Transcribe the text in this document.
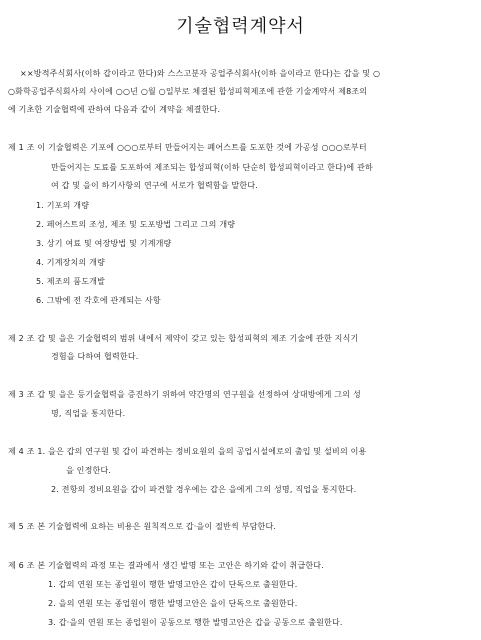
기술협력계약서
××방적주식회사(이하 갑이라고 한다)와 스스고분자 공업주식회사(이하 을이라고 한다)는 갑을 및 ○
○화학공업주식회사의 사이에 ○○년 ○월 ○일부로 체결된 합성피혁제조에 관한 기술계약서 제8조의
에 기초한 기술협력에 관하여 다음과 같이 계약을 체결한다.
제 1 조 이 기술협력은 기포에 ○○○로부터 만들어지는 폐어스트를 도포한 것에 가공성 ○○○로부터
만들어지는 도료를 도포하여 제조되는 합성피혁(이하 단순히 합성피혁이라고 한다)에 관하
여 갑 및 을이 하기사항의 연구에 서로가 협력함을 말한다.
1. 기포의 개량
2. 페어스트의 조성, 제조 및 도포방법 그리고 그의 개량
3. 상기 여료 및 여장방법 및 기계개량
4. 기계장치의 개량
5. 제조의 품도개발
6. 그밖에 전 각호에 관계되는 사항
제 2 조 갑 및 을은 기술협력의 범위 내에서 제약이 갖고 있는 합성피혁의 제조 기술에 관한 지식기
경험을 다하여 협력한다.
제 3 조 갑 및 을은 등기술협력을 증진하기 위하여 약간명의 연구원을 선정하여 상대방에게 그의 성
명, 직업을 통지한다.
제 4 조 1. 을은 갑의 연구원 및 갑이 파견하는 정비요원의 을의 공업시설에로의 출입 및 설비의 이용
을 인정한다.
2. 전항의 정비요원을 갑이 파견할 경우에는 갑은 을에게 그의 성명, 직업을 통지한다.
제 5 조 본 기술협력에 요하는 비용은 원칙적으로 갑·을이 절반씩 부담한다.
제 6 조 본 기술협력의 과정 또는 결과에서 생긴 발명 또는 고안은 하기와 같이 취급한다.
1. 갑의 연원 또는 종업원이 행한 발명고안은 갑이 단독으로 출원한다.
2. 을의 연원 또는 종업원이 행한 발명고안은 을이 단독으로 출원한다.
3. 갑·을의 연원 또는 종업원이 공동으로 행한 발명고안은 갑을 공동으로 출원한다.
